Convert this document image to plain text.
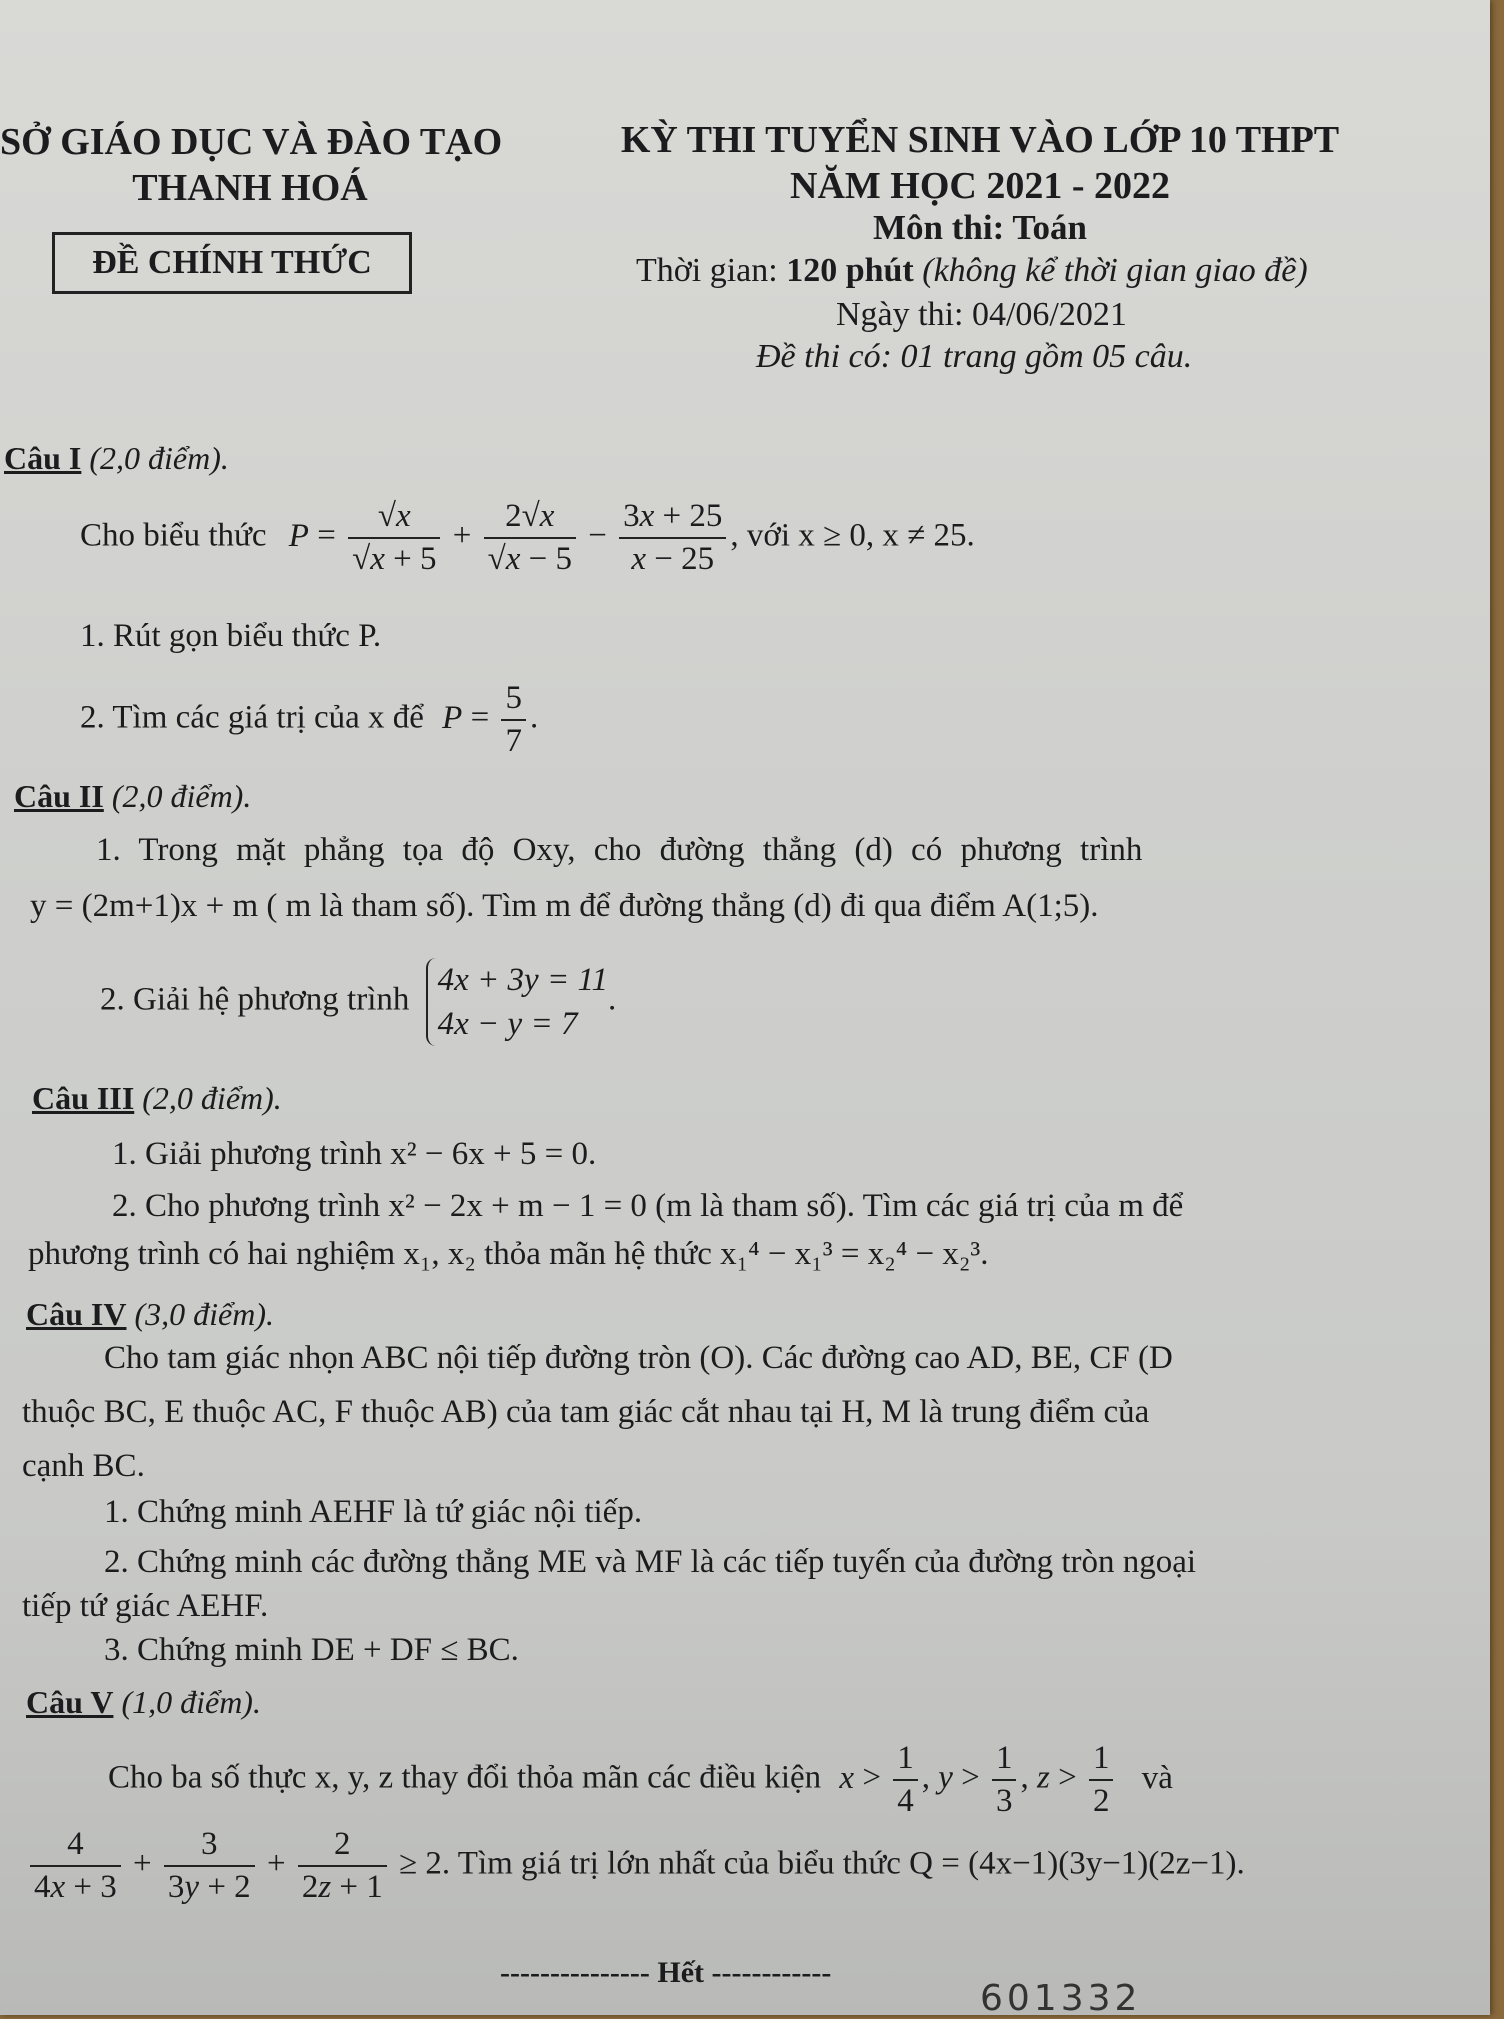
SỞ GIÁO DỤC VÀ ĐÀO TẠO
THANH HOÁ
ĐỀ CHÍNH THỨC
KỲ THI TUYỂN SINH VÀO LỚP 10 THPT
NĂM HỌC 2021 - 2022
Môn thi: Toán
Thời gian: 120 phút (không kể thời gian giao đề)
Ngày thi: 04/06/2021
Đề thi có: 01 trang gồm 05 câu.
Câu I (2,0 điểm).
Cho biểu thức $P = \frac{√x}{√x + 5} + \frac{2√x}{√x - 5} - \frac{3x + 25}{x - 25}$ , với x ≥ 0, x ≠ 25.
1. Rút gọn biểu thức P.
2. Tìm các giá trị của x để $P = \frac{5}{7}$ .
Câu II (2,0 điểm).
1. Trong mặt phẳng tọa độ Oxy, cho đường thẳng (d) có phương trình
y = (2m+1)x + m ( m là tham số). Tìm m để đường thẳng (d) đi qua điểm A(1;5).
2. Giải hệ phương trình
4x + 3y = 11
4x − y = 7
.
Câu III (2,0 điểm).
1. Giải phương trình x² − 6x + 5 = 0.
2. Cho phương trình x² − 2x + m − 1 = 0 (m là tham số). Tìm các giá trị của m để
phương trình có hai nghiệm x₁, x₂ thỏa mãn hệ thức x₁⁴ − x₁³ = x₂⁴ − x₂³.
Câu IV (3,0 điểm).
Cho tam giác nhọn ABC nội tiếp đường tròn (O). Các đường cao AD, BE, CF (D
thuộc BC, E thuộc AC, F thuộc AB) của tam giác cắt nhau tại H, M là trung điểm của
cạnh BC.
1. Chứng minh AEHF là tứ giác nội tiếp.
2. Chứng minh các đường thẳng ME và MF là các tiếp tuyến của đường tròn ngoại
tiếp tứ giác AEHF.
3. Chứng minh DE + DF ≤ BC.
Câu V (1,0 điểm).
Cho ba số thực x, y, z thay đổi thỏa mãn các điều kiện $x > \frac{1}{4}$ , $y > \frac{1}{3}$ , $z > \frac{1}{2}$ và
$\frac{4}{4x + 3} + \frac{3}{3y + 2} + \frac{2}{2z + 1} \ge 2$. Tìm giá trị lớn nhất của biểu thức Q = (4x−1)(3y−1)(2z−1).
--------------- Hết ------------
601332
